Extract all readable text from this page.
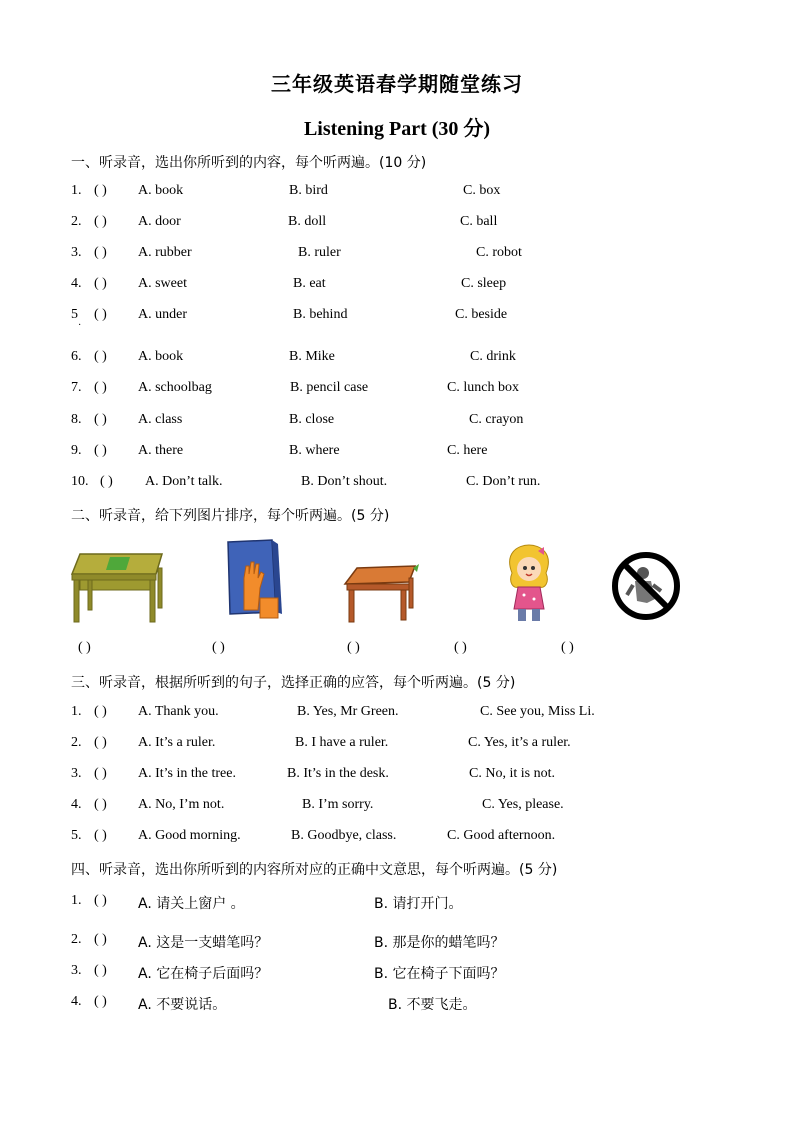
三年级英语春学期随堂练习
Listening Part (30 分)
一、听录音，选出你所听到的内容，每个听两遍。(10 分)
1. ( ) A. book	B. bird	C. box
2. ( ) A. door	B. doll	C. ball
3. ( ) A. rubber	B. ruler	C. robot
4. ( ) A. sweet	B. eat	C. sleep
5 ( ) A. under	B. behind	C. beside
·
6. ( ) A. book	B. Mike	C. drink
7. ( ) A. schoolbag	B. pencil case	C. lunch box
8. ( ) A. class	B. close	C. crayon
9. ( ) A. there	B. where	C. here
10. ( ) A. Don’t talk.	B. Don’t shout.	C. Don’t run.
二、听录音，给下列图片排序，每个听两遍。(5 分)
( )	( )	( )	( )	( )
三、听录音，根据所听到的句子，选择正确的应答，每个听两遍。(5 分)
1. ( ) A. Thank you.	B. Yes, Mr Green.	C. See you, Miss Li.
2. ( ) A. It’s a ruler.	B. I have a ruler.	C. Yes, it’s a ruler.
3. ( ) A. It’s in the tree.	B. It’s in the desk.	C. No, it is not.
4. ( ) A. No, I’m not.	B. I’m sorry.	C. Yes, please.
5. ( ) A. Good morning.	B. Goodbye, class.	C. Good afternoon.
四、听录音，选出你所听到的内容所对应的正确中文意思，每个听两遍。(5 分)
1. ( ) A. 请关上窗户 。	B. 请打开门。
2. ( ) A. 这是一支蜡笔吗？	B. 那是你的蜡笔吗？
3. ( ) A. 它在椅子后面吗？	B. 它在椅子下面吗？
4. ( ) A. 不要说话。	B. 不要飞走。
